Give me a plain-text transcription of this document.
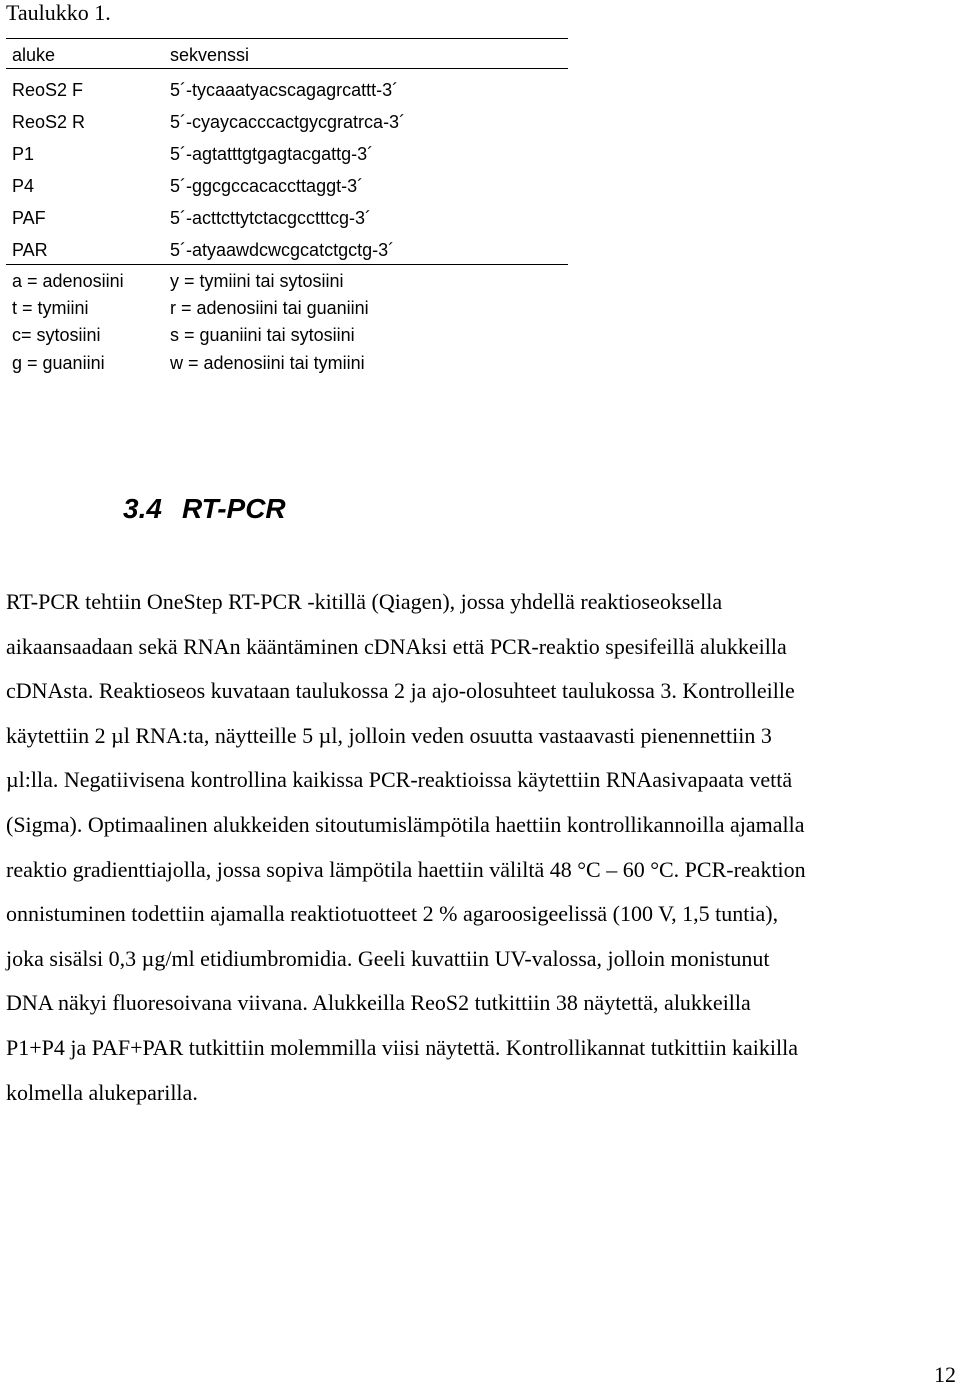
Taulukko 1.
aluke	sekvenssi
ReoS2 F	5´-tycaaatyacscagagrcattt-3´
ReoS2 R	5´-cyaycacccactgycgratrca-3´
P1	5´-agtatttgtgagtacgattg-3´
P4	5´-ggcgccacaccttaggt-3´
PAF	5´-acttcttytctacgcctttcg-3´
PAR	5´-atyaawdcwcgcatctgctg-3´
a = adenosiini	y = tymiini tai sytosiini
t = tymiini	r = adenosiini tai guaniini
c= sytosiini	s = guaniini tai sytosiini
g = guaniini	w = adenosiini tai tymiini
3.4 RT-PCR

RT-PCR tehtiin OneStep RT-PCR -kitillä (Qiagen), jossa yhdellä reaktioseoksella
aikaansaadaan sekä RNAn kääntäminen cDNAksi että PCR-reaktio spesifeillä alukkeilla
cDNAsta. Reaktioseos kuvataan taulukossa 2 ja ajo-olosuhteet taulukossa 3. Kontrolleille
käytettiin 2 µl RNA:ta, näytteille 5 µl, jolloin veden osuutta vastaavasti pienennettiin 3
µl:lla. Negatiivisena kontrollina kaikissa PCR-reaktioissa käytettiin RNAasivapaata vettä
(Sigma). Optimaalinen alukkeiden sitoutumislämpötila haettiin kontrollikannoilla ajamalla
reaktio gradienttiajolla, jossa sopiva lämpötila haettiin väliltä 48 °C – 60 °C. PCR-reaktion
onnistuminen todettiin ajamalla reaktiotuotteet 2 % agaroosigeelissä (100 V, 1,5 tuntia),
joka sisälsi 0,3 µg/ml etidiumbromidia. Geeli kuvattiin UV-valossa, jolloin monistunut
DNA näkyi fluoresoivana viivana. Alukkeilla ReoS2 tutkittiin 38 näytettä, alukkeilla
P1+P4 ja PAF+PAR tutkittiin molemmilla viisi näytettä. Kontrollikannat tutkittiin kaikilla
kolmella alukeparilla.

12
